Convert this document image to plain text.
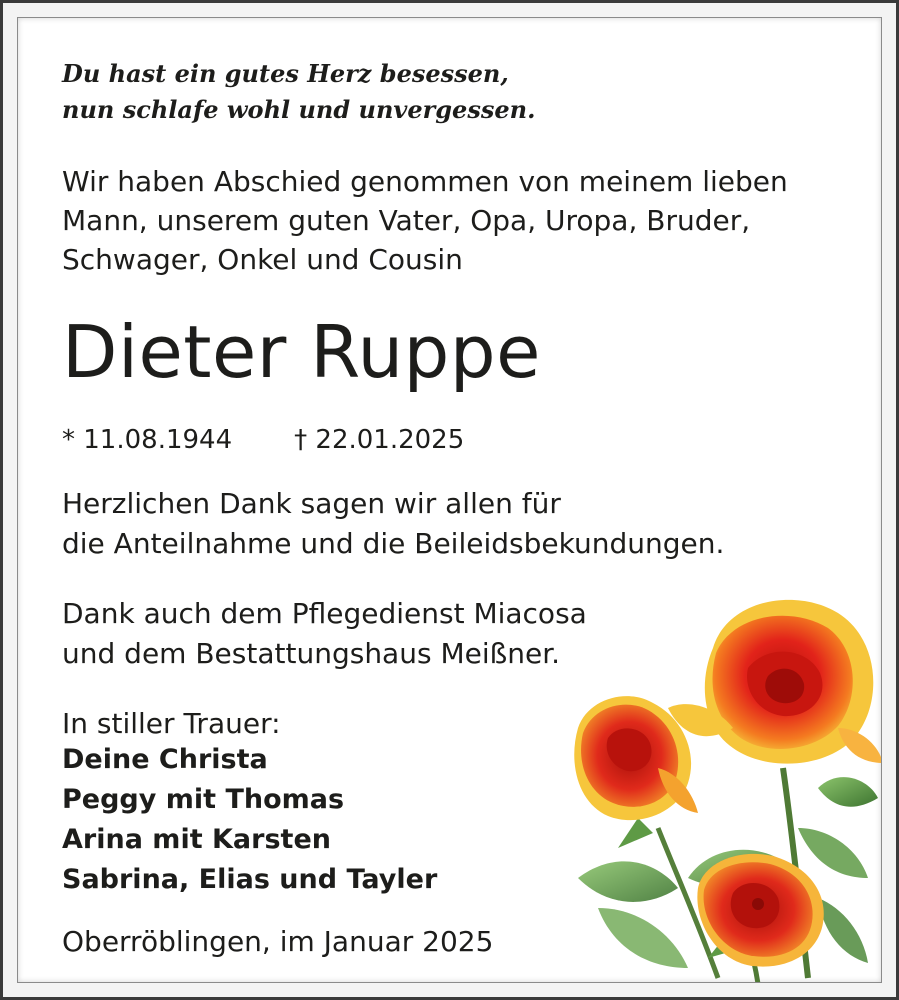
Du hast ein gutes Herz besessen,
nun schlafe wohl und unvergessen.
Wir haben Abschied genommen von meinem lieben
Mann, unserem guten Vater, Opa, Uropa, Bruder,
Schwager, Onkel und Cousin
Dieter Ruppe
* 11.08.1944 † 22.01.2025
Herzlichen Dank sagen wir allen für
die Anteilnahme und die Beileidsbekundungen.
Dank auch dem Pflegedienst Miacosa
und dem Bestattungshaus Meißner.
In stiller Trauer:
Deine Christa
Peggy mit Thomas
Arina mit Karsten
Sabrina, Elias und Tayler
Oberröblingen, im Januar 2025
